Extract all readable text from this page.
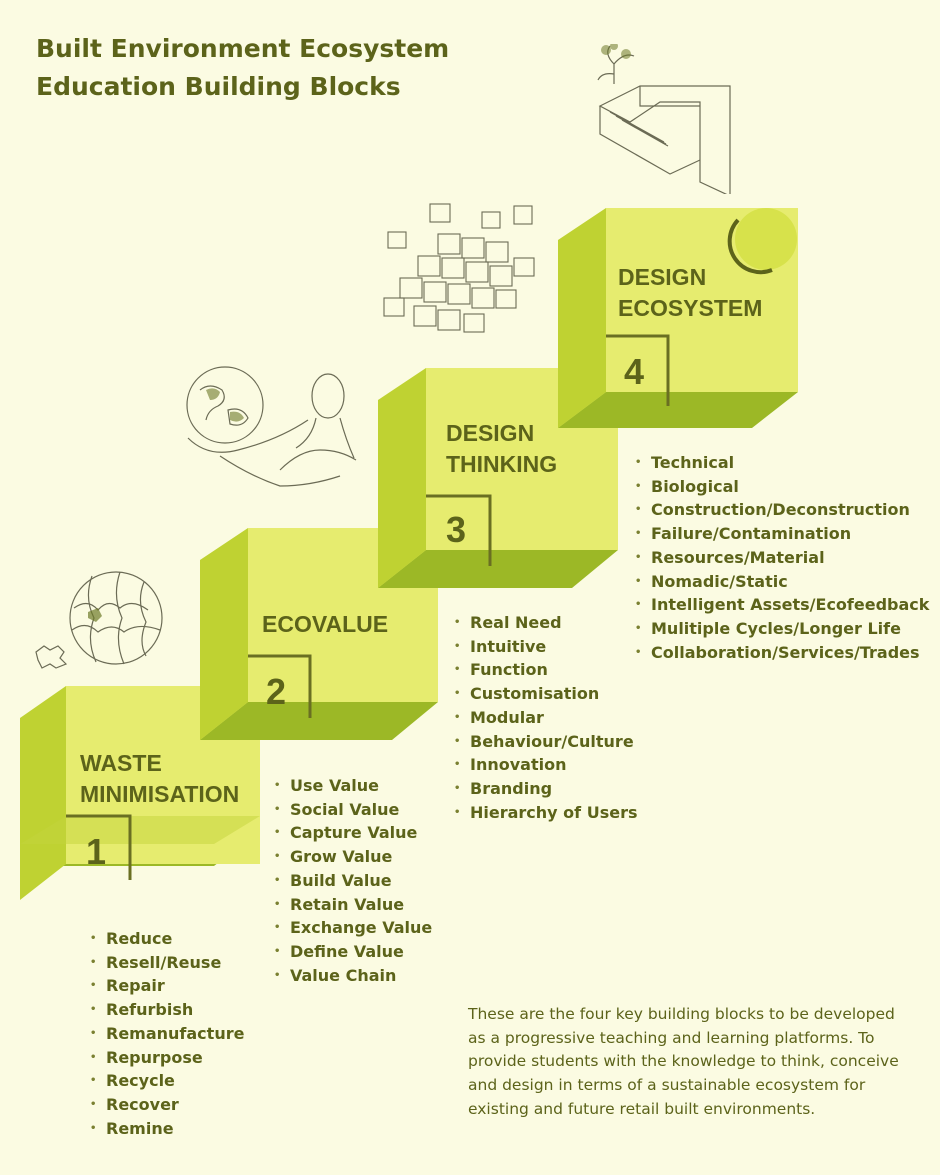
Built Environment Ecosystem
Education Building Blocks
WASTE
MINIMISATION
1
ECOVALUE
2
DESIGN
THINKING
3
DESIGN
ECOSYSTEM
4
• Reduce
• Resell/Reuse
• Repair
• Refurbish
• Remanufacture
• Repurpose
• Recycle
• Recover
• Remine
• Use Value
• Social Value
• Capture Value
• Grow Value
• Build Value
• Retain Value
• Exchange Value
• Define Value
• Value Chain
• Real Need
• Intuitive
• Function
• Customisation
• Modular
• Behaviour/Culture
• Innovation
• Branding
• Hierarchy of Users
• Technical
• Biological
• Construction/Deconstruction
• Failure/Contamination
• Resources/Material
• Nomadic/Static
• Intelligent Assets/Ecofeedback
• Mulitiple Cycles/Longer Life
• Collaboration/Services/Trades
These are the four key building blocks to be developed as a progressive teaching and learning platforms. To provide students with the knowledge to think, conceive and design in terms of a sustainable ecosystem for existing and future retail built environments.
